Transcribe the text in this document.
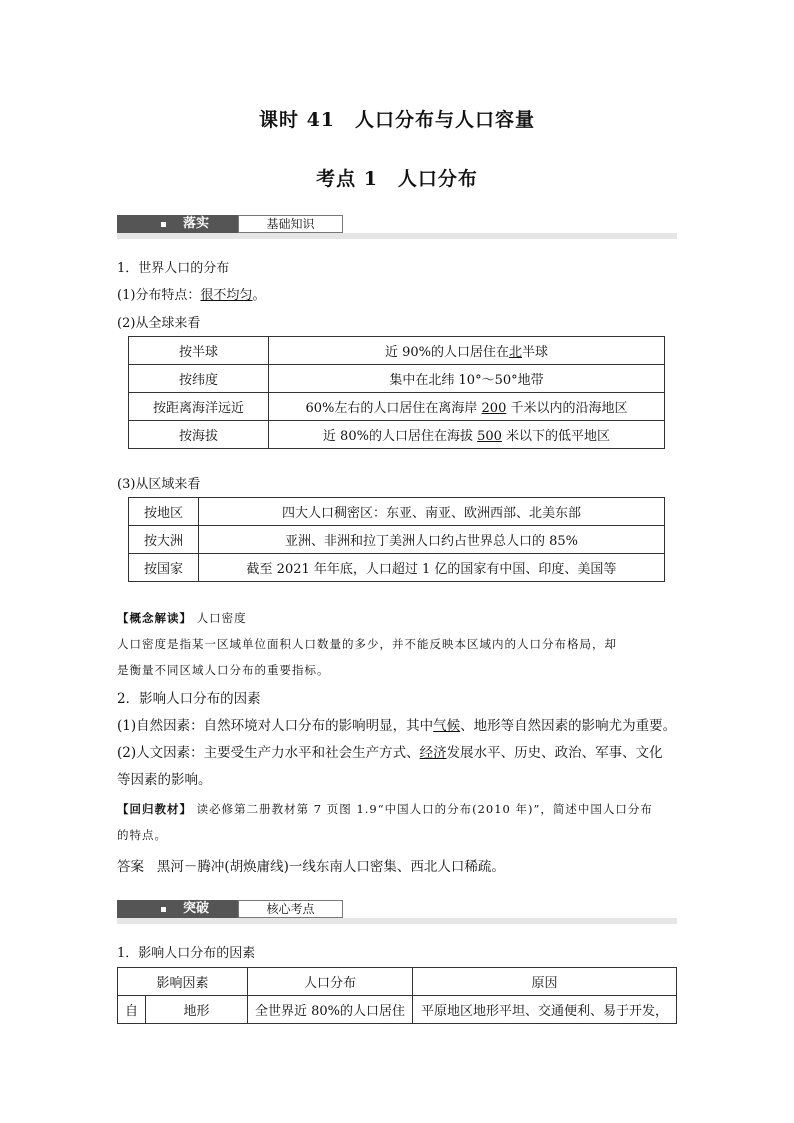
课时 41　人口分布与人口容量
考点 1　人口分布
落实	基础知识
1．世界人口的分布
(1)分布特点：很不均匀。
(2)从全球来看
按半球	近 90%的人口居住在北半球
按纬度	集中在北纬 10°～50°地带
按距离海洋远近	60%左右的人口居住在离海岸 200 千米以内的沿海地区
按海拔	近 80%的人口居住在海拔 500 米以下的低平地区
(3)从区域来看
按地区	四大人口稠密区：东亚、南亚、欧洲西部、北美东部
按大洲	亚洲、非洲和拉丁美洲人口约占世界总人口的 85%
按国家	截至 2021 年年底，人口超过 1 亿的国家有中国、印度、美国等
【概念解读】 人口密度
人口密度是指某一区域单位面积人口数量的多少，并不能反映本区域内的人口分布格局，却
是衡量不同区域人口分布的重要指标。
2．影响人口分布的因素
(1)自然因素：自然环境对人口分布的影响明显，其中气候、地形等自然因素的影响尤为重要。
(2)人文因素：主要受生产力水平和社会生产方式、经济发展水平、历史、政治、军事、文化
等因素的影响。
【回归教材】 读必修第二册教材第 7 页图 1.9“中国人口的分布(2010 年)”，简述中国人口分布
的特点。
答案 黑河－腾冲(胡焕庸线)一线东南人口密集、西北人口稀疏。
突破	核心考点
1．影响人口分布的因素
影响因素		人口分布	原因
自	地形	全世界近 80%的人口居住	平原地区地形平坦、交通便利、易于开发，
